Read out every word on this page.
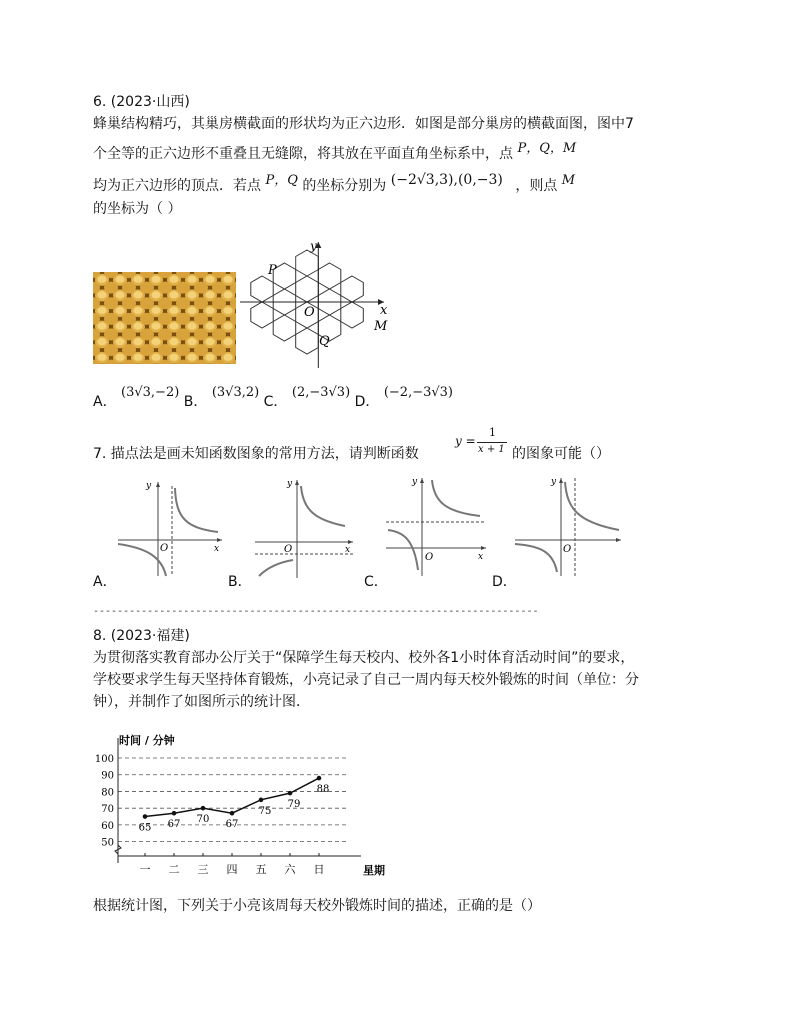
6. (2023·山西)
蜂巢结构精巧，其巢房横截面的形状均为正六边形．如图是部分巢房的横截面图，图中7
个全等的正六边形不重叠且无缝隙，将其放在平面直角坐标系中，点 P，Q，M
均为正六边形的顶点．若点 P，Q 的坐标分别为 (−2√3,3),(0,−3) ，则点 M
的坐标为（ ）
y
x
O
P
Q
M
A． (3√3,−2) B． (3√3,2) C． (2,−3√3) D． (−2,−3√3)
7. 描点法是画未知函数图象的常用方法，请判断函数
y =
1
x + 1 的图象可能（）
y
x
O
A．
y
x
O
B．
y
x
O
C．
y
O
D．
--------------------------------------------------------------------------
8. (2023·福建)
为贯彻落实教育部办公厅关于“保障学生每天校内、校外各1小时体育活动时间”的要求，
学校要求学生每天坚持体育锻炼，小亮记录了自己一周内每天校外锻炼的时间（单位：分
钟），并制作了如图所示的统计图．
50
60
70
80
90
100
一 二 三 四 五 六 日
65 67 70 67
75
79
88
时间 / 分钟
星期
根据统计图，下列关于小亮该周每天校外锻炼时间的描述，正确的是（）
